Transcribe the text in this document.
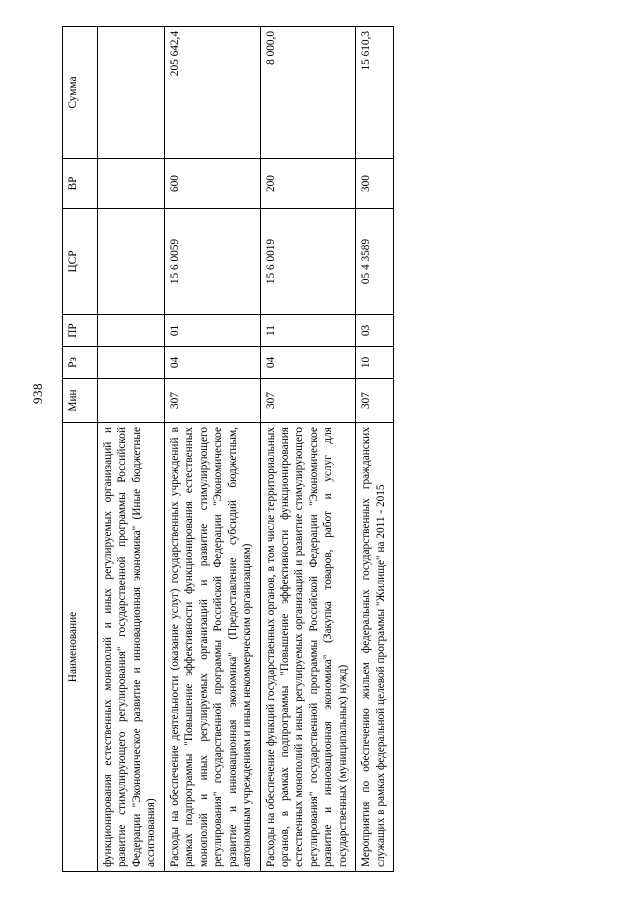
938
Наименование	Мин	Рз	ПР	ЦСР	ВР	Сумма
функционирования естественных монополий и иных регулируемых организаций и развитие стимулирующего регулирования" государственной программы Российской Федерации "Экономическое развитие и инновационная экономика" (Иные бюджетные ассигнования)						
Расходы на обеспечение деятельности (оказание услуг) государственных учреждений в рамках подпрограммы "Повышение эффективности функционирования естественных монополий и иных регулируемых организаций и развитие стимулирующего регулирования" государственной программы Российской Федерации "Экономическое развитие и инновационная экономика" (Предоставление субсидий бюджетным, автономным учреждениям и иным некоммерческим организациям)	307	04	01	15 6 0059	600	205 642,4
Расходы на обеспечение функций государственных органов, в том числе территориальных органов, в рамках подпрограммы "Повышение эффективности функционирования естественных монополий и иных регулируемых организаций и развитие стимулирующего регулирования" государственной программы Российской Федерации "Экономическое развитие и инновационная экономика" (Закупка товаров, работ и услуг для государственных (муниципальных) нужд)	307	04	11	15 6 0019	200	8 000,0
Мероприятия по обеспечению жильем федеральных государственных гражданских служащих в рамках федеральной целевой программы "Жилище" на 2011 - 2015	307	10	03	05 4 3589	300	15 610,3
